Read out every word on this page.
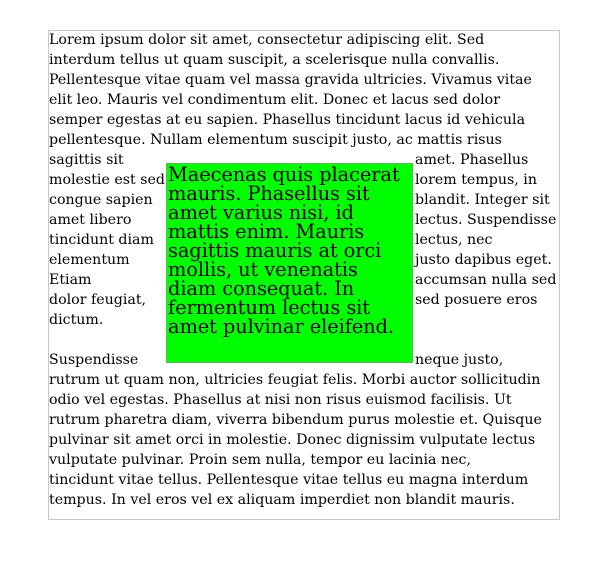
Lorem ipsum dolor sit amet, consectetur adipiscing elit. Sed
interdum tellus ut quam suscipit, a scelerisque nulla convallis.
Pellentesque vitae quam vel massa gravida ultricies. Vivamus vitae
elit leo. Mauris vel condimentum elit. Donec et lacus sed dolor
semper egestas at eu sapien. Phasellus tincidunt lacus id vehicula
pellentesque. Nullam elementum suscipit justo, ac mattis risus
sagittis sit
molestie est sed
congue sapien
amet libero
tincidunt diam
elementum
Etiam
dolor feugiat,
dictum.
amet. Phasellus
lorem tempus, in
blandit. Integer sit
lectus. Suspendisse
lectus, nec
justo dapibus eget.
accumsan nulla sed
sed posuere eros
Maecenas quis placerat
mauris. Phasellus sit
amet varius nisi, id
mattis enim. Mauris
sagittis mauris at orci
mollis, ut venenatis
diam consequat. In
fermentum lectus sit
amet pulvinar eleifend.
Suspendisse	neque justo,
rutrum ut quam non, ultricies feugiat felis. Morbi auctor sollicitudin
odio vel egestas. Phasellus at nisi non risus euismod facilisis. Ut
rutrum pharetra diam, viverra bibendum purus molestie et. Quisque
pulvinar sit amet orci in molestie. Donec dignissim vulputate lectus
vulputate pulvinar. Proin sem nulla, tempor eu lacinia nec,
tincidunt vitae tellus. Pellentesque vitae tellus eu magna interdum
tempus. In vel eros vel ex aliquam imperdiet non blandit mauris.
